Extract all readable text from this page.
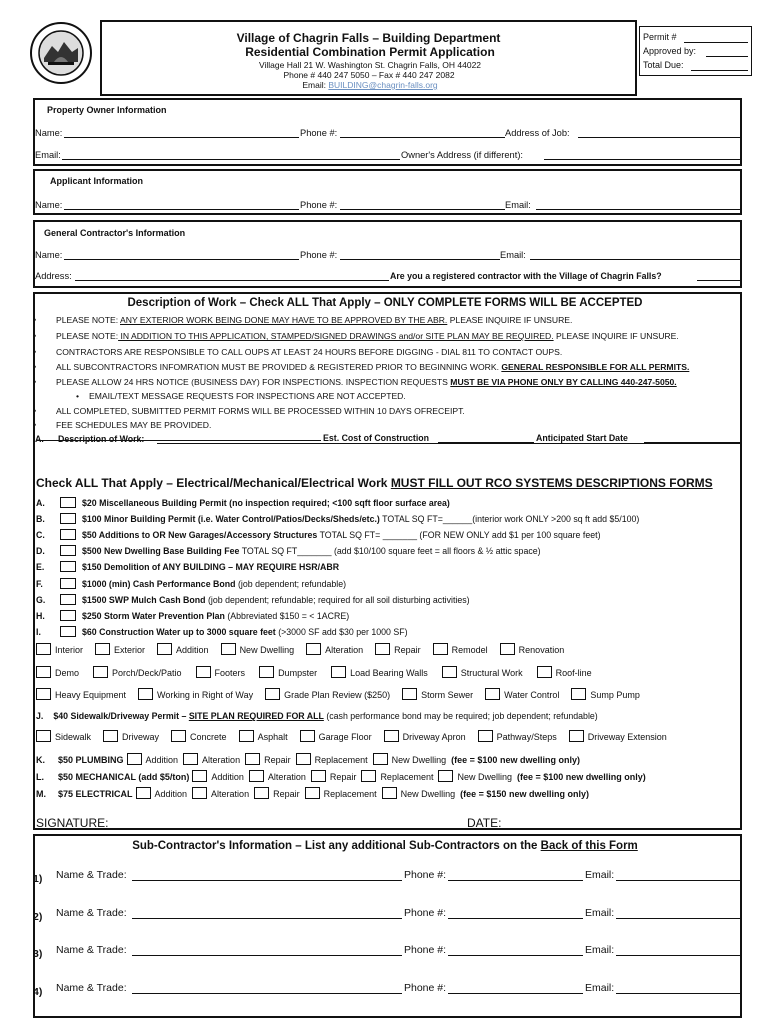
Village of Chagrin Falls – Building Department
Residential Combination Permit Application
Village Hall 21 W. Washington St. Chagrin Falls, OH 44022
Phone # 440 247 5050 – Fax # 440 247 2082
Email: BUILDING@chagrin-falls.org
Permit #
Approved by:
Total Due:
Property Owner Information
Name:	Phone #:	Address of Job:
Email:	Owner's Address (if different):
Applicant Information
Name:	Phone #:	Email:
General Contractor's Information
Name:	Phone #:	Email:
Address:	Are you a registered contractor with the Village of Chagrin Falls?
Description of Work – Check ALL That Apply – ONLY COMPLETE FORMS WILL BE ACCEPTED
• PLEASE NOTE: ANY EXTERIOR WORK BEING DONE MAY HAVE TO BE APPROVED BY THE ABR. PLEASE INQUIRE IF UNSURE.
• PLEASE NOTE: IN ADDITION TO THIS APPLICATION, STAMPED/SIGNED DRAWINGS and/or SITE PLAN MAY BE REQUIRED. PLEASE INQUIRE IF UNSURE.
• CONTRACTORS ARE RESPONSIBLE TO CALL OUPS AT LEAST 24 HOURS BEFORE DIGGING - DIAL 811 TO CONTACT OUPS.
• ALL SUBCONTRACTORS INFOMRATION MUST BE PROVIDED & REGISTERED PRIOR TO BEGINNING WORK. GENERAL RESPONSIBLE FOR ALL PERMITS.
• PLEASE ALLOW 24 HRS NOTICE (BUSINESS DAY) FOR INSPECTIONS. INSPECTION REQUESTS MUST BE VIA PHONE ONLY BY CALLING 440-247-5050.
• EMAIL/TEXT MESSAGE REQUESTS FOR INSPECTIONS ARE NOT ACCEPTED.
• ALL COMPLETED, SUBMITTED PERMIT FORMS WILL BE PROCESSED WITHIN 10 DAYS OFRECEIPT.
• FEE SCHEDULES MAY BE PROVIDED.
A. Description of Work:	Est. Cost of Construction	Anticipated Start Date
Check ALL That Apply – Electrical/Mechanical/Electrical Work MUST FILL OUT RCO SYSTEMS DESCRIPTIONS FORMS
A.	$20 Miscellaneous Building Permit (no inspection required; <100 sqft floor surface area)
B.	$100 Minor Building Permit (i.e. Water Control/Patios/Decks/Sheds/etc.) TOTAL SQ FT=______(interior work ONLY >200 sq ft add $5/100)
C.	$50 Additions to OR New Garages/Accessory Structures TOTAL SQ FT= _______ (FOR NEW ONLY add $1 per 100 square feet)
D.	$500 New Dwelling Base Building Fee TOTAL SQ FT_______ (add $10/100 square feet = all floors & ½ attic space)
E.	$150 Demolition of ANY BUILDING – MAY REQUIRE HSR/ABR
F.	$1000 (min) Cash Performance Bond (job dependent; refundable)
G.	$1500 SWP Mulch Cash Bond (job dependent; refundable; required for all soil disturbing activities)
H.	$250 Storm Water Prevention Plan (Abbreviated $150 = < 1ACRE)
I.	$60 Construction Water up to 3000 square feet (>3000 SF add $30 per 1000 SF)
Interior	Exterior	Addition	New Dwelling	Alteration	Repair	Remodel	Renovation
Demo	Porch/Deck/Patio	Footers	Dumpster	Load Bearing Walls	Structural Work	Roof-line
Heavy Equipment	Working in Right of Way	Grade Plan Review ($250)	Storm Sewer	Water Control	Sump Pump
Sidewalk	Driveway	Concrete	Asphalt	Garage Floor	Driveway Apron	Pathway/Steps	Driveway Extension
J. $40 Sidewalk/Driveway Permit – SITE PLAN REQUIRED FOR ALL (cash performance bond may be required; job dependent; refundable)
K. $50 PLUMBING Addition	Alteration	Repair	Replacement	New Dwelling (fee = $100 new dwelling only)
L. $50 MECHANICAL (add $5/ton) Addition	Alteration	Repair	Replacement	New Dwelling (fee = $100 new dwelling only)
M. $75 ELECTRICAL Addition	Alteration	Repair	Replacement	New Dwelling (fee = $150 new dwelling only)
SIGNATURE:	DATE:
Sub-Contractor's Information – List any additional Sub-Contractors on the Back of this Form
1) Name & Trade:	Phone #:	Email:
2) Name & Trade:	Phone #:	Email:
3) Name & Trade:	Phone #:	Email:
4) Name & Trade:	Phone #:	Email:
